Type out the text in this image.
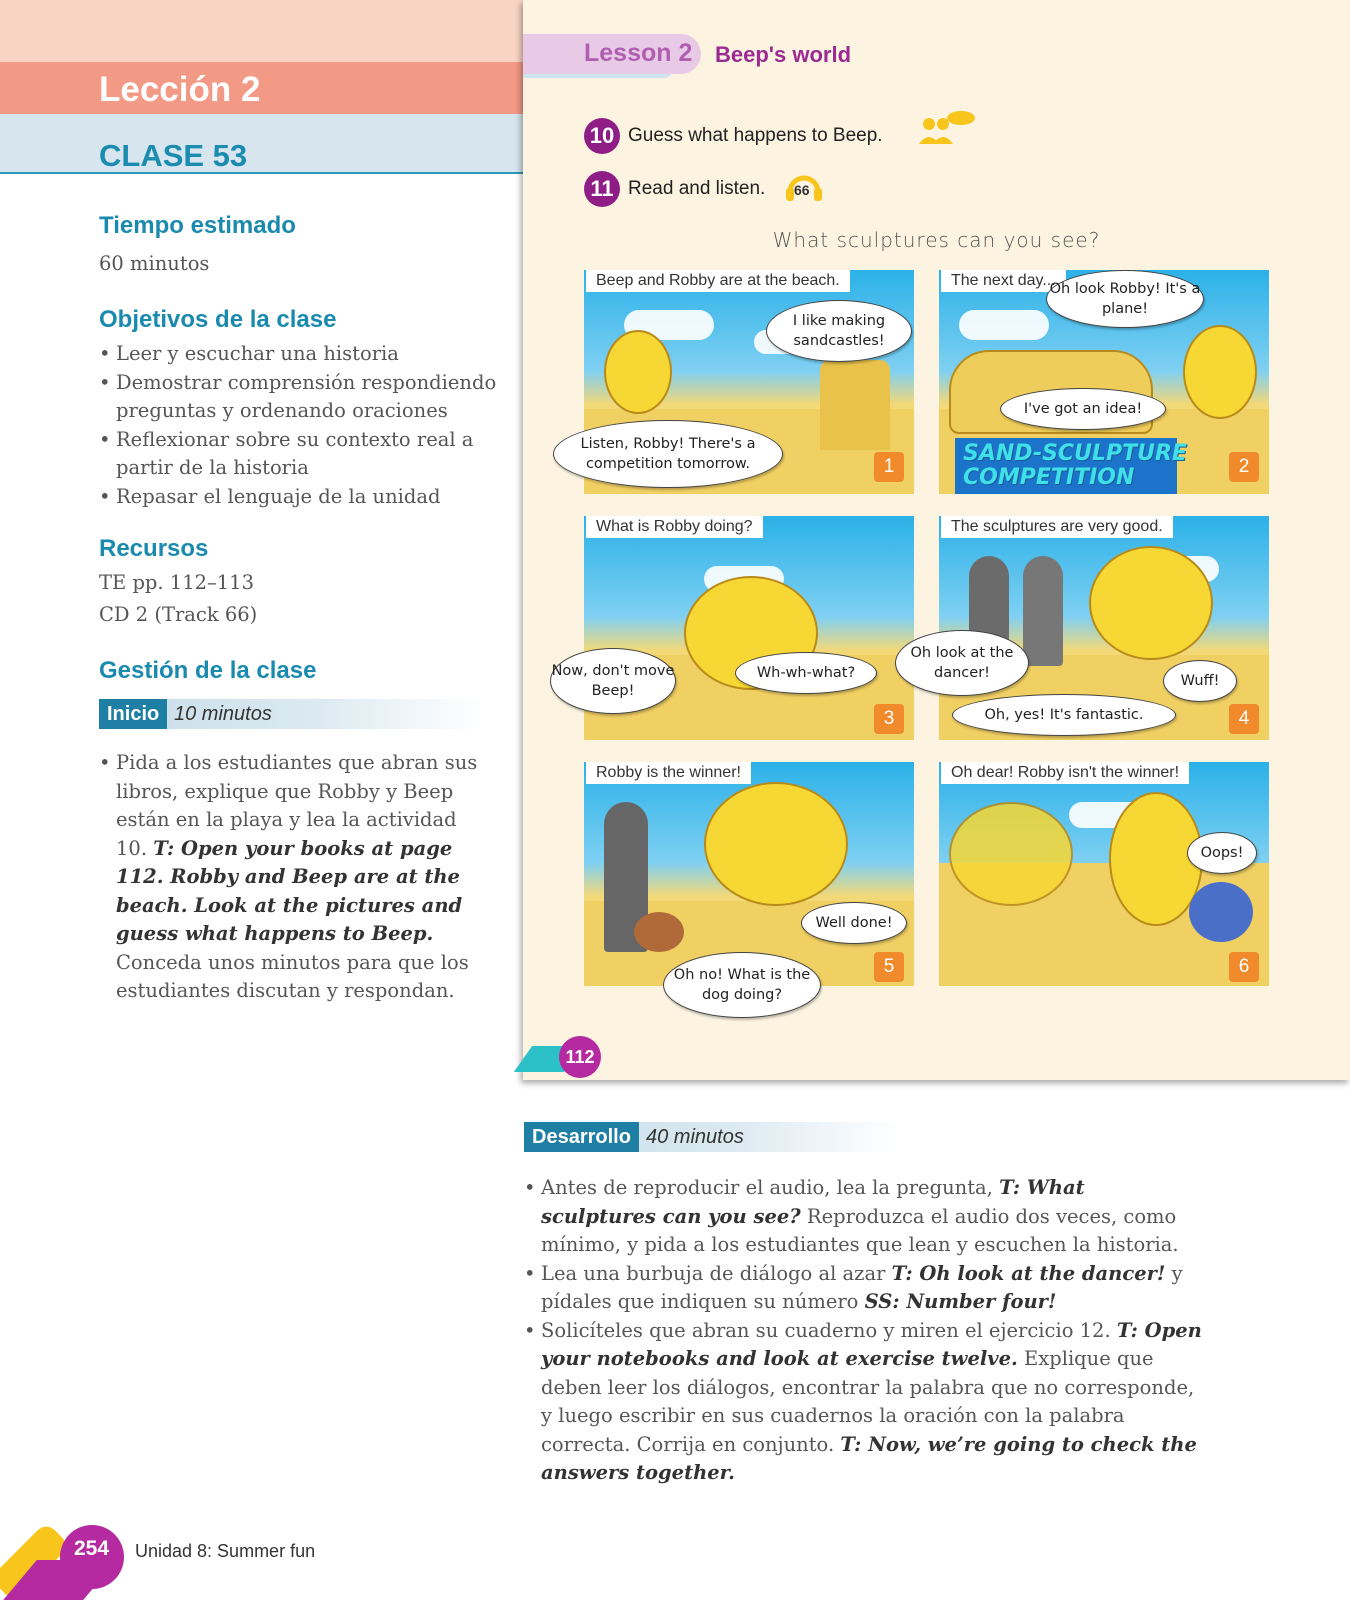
Lección 2
CLASE 53
Tiempo estimado

60 minutos

Objetivos de la clase
• Leer y escuchar una historia
• Demostrar comprensión respondiendo preguntas y ordenando oraciones
• Reflexionar sobre su contexto real a partir de la historia
• Repasar el lenguaje de la unidad
Recursos

TE pp. 112–113

CD 2 (Track 66)

Gestión de la clase
Inicio 10 minutos
• Pida a los estudiantes que abran sus libros, explique que Robby y Beep están en la playa y lea la actividad 10. T: Open your books at page 112. Robby and Beep are at the beach. Look at the pictures and guess what happens to Beep. Conceda unos minutos para que los estudiantes discutan y respondan.
Lesson 2 Beep's world
10 Guess what happens to Beep.
11 Read and listen. 66
What sculptures can you see?
Beep and Robby are at the beach.
1
I like making sandcastles!
Listen, Robby! There's a competition tomorrow.	SAND-SCULPTURE COMPETITION
The next day...
2
Oh look Robby! It's a plane!
I've got an idea!
What is Robby doing?
3
Now, don't move Beep!
Wh-wh-what?
The sculptures are very good.
4
Oh look at the dancer!	Wuff!
Oh, yes! It's fantastic.
Robby is the winner!
5
Well done!
Oh no! What is the dog doing?
Oh dear! Robby isn't the winner!
6
Oops!
112
Desarrollo 40 minutos
• Antes de reproducir el audio, lea la pregunta, T: What sculptures can you see? Reproduzca el audio dos veces, como mínimo, y pida a los estudiantes que lean y escuchen la historia.
• Lea una burbuja de diálogo al azar T: Oh look at the dancer! y pídales que indiquen su número SS: Number four!
• Solicíteles que abran su cuaderno y miren el ejercicio 12. T: Open your notebooks and look at exercise twelve. Explique que deben leer los diálogos, encontrar la palabra que no corresponde, y luego escribir en sus cuadernos la oración con la palabra correcta. Corrija en conjunto. T: Now, we’re going to check the answers together.
254 Unidad 8: Summer fun
